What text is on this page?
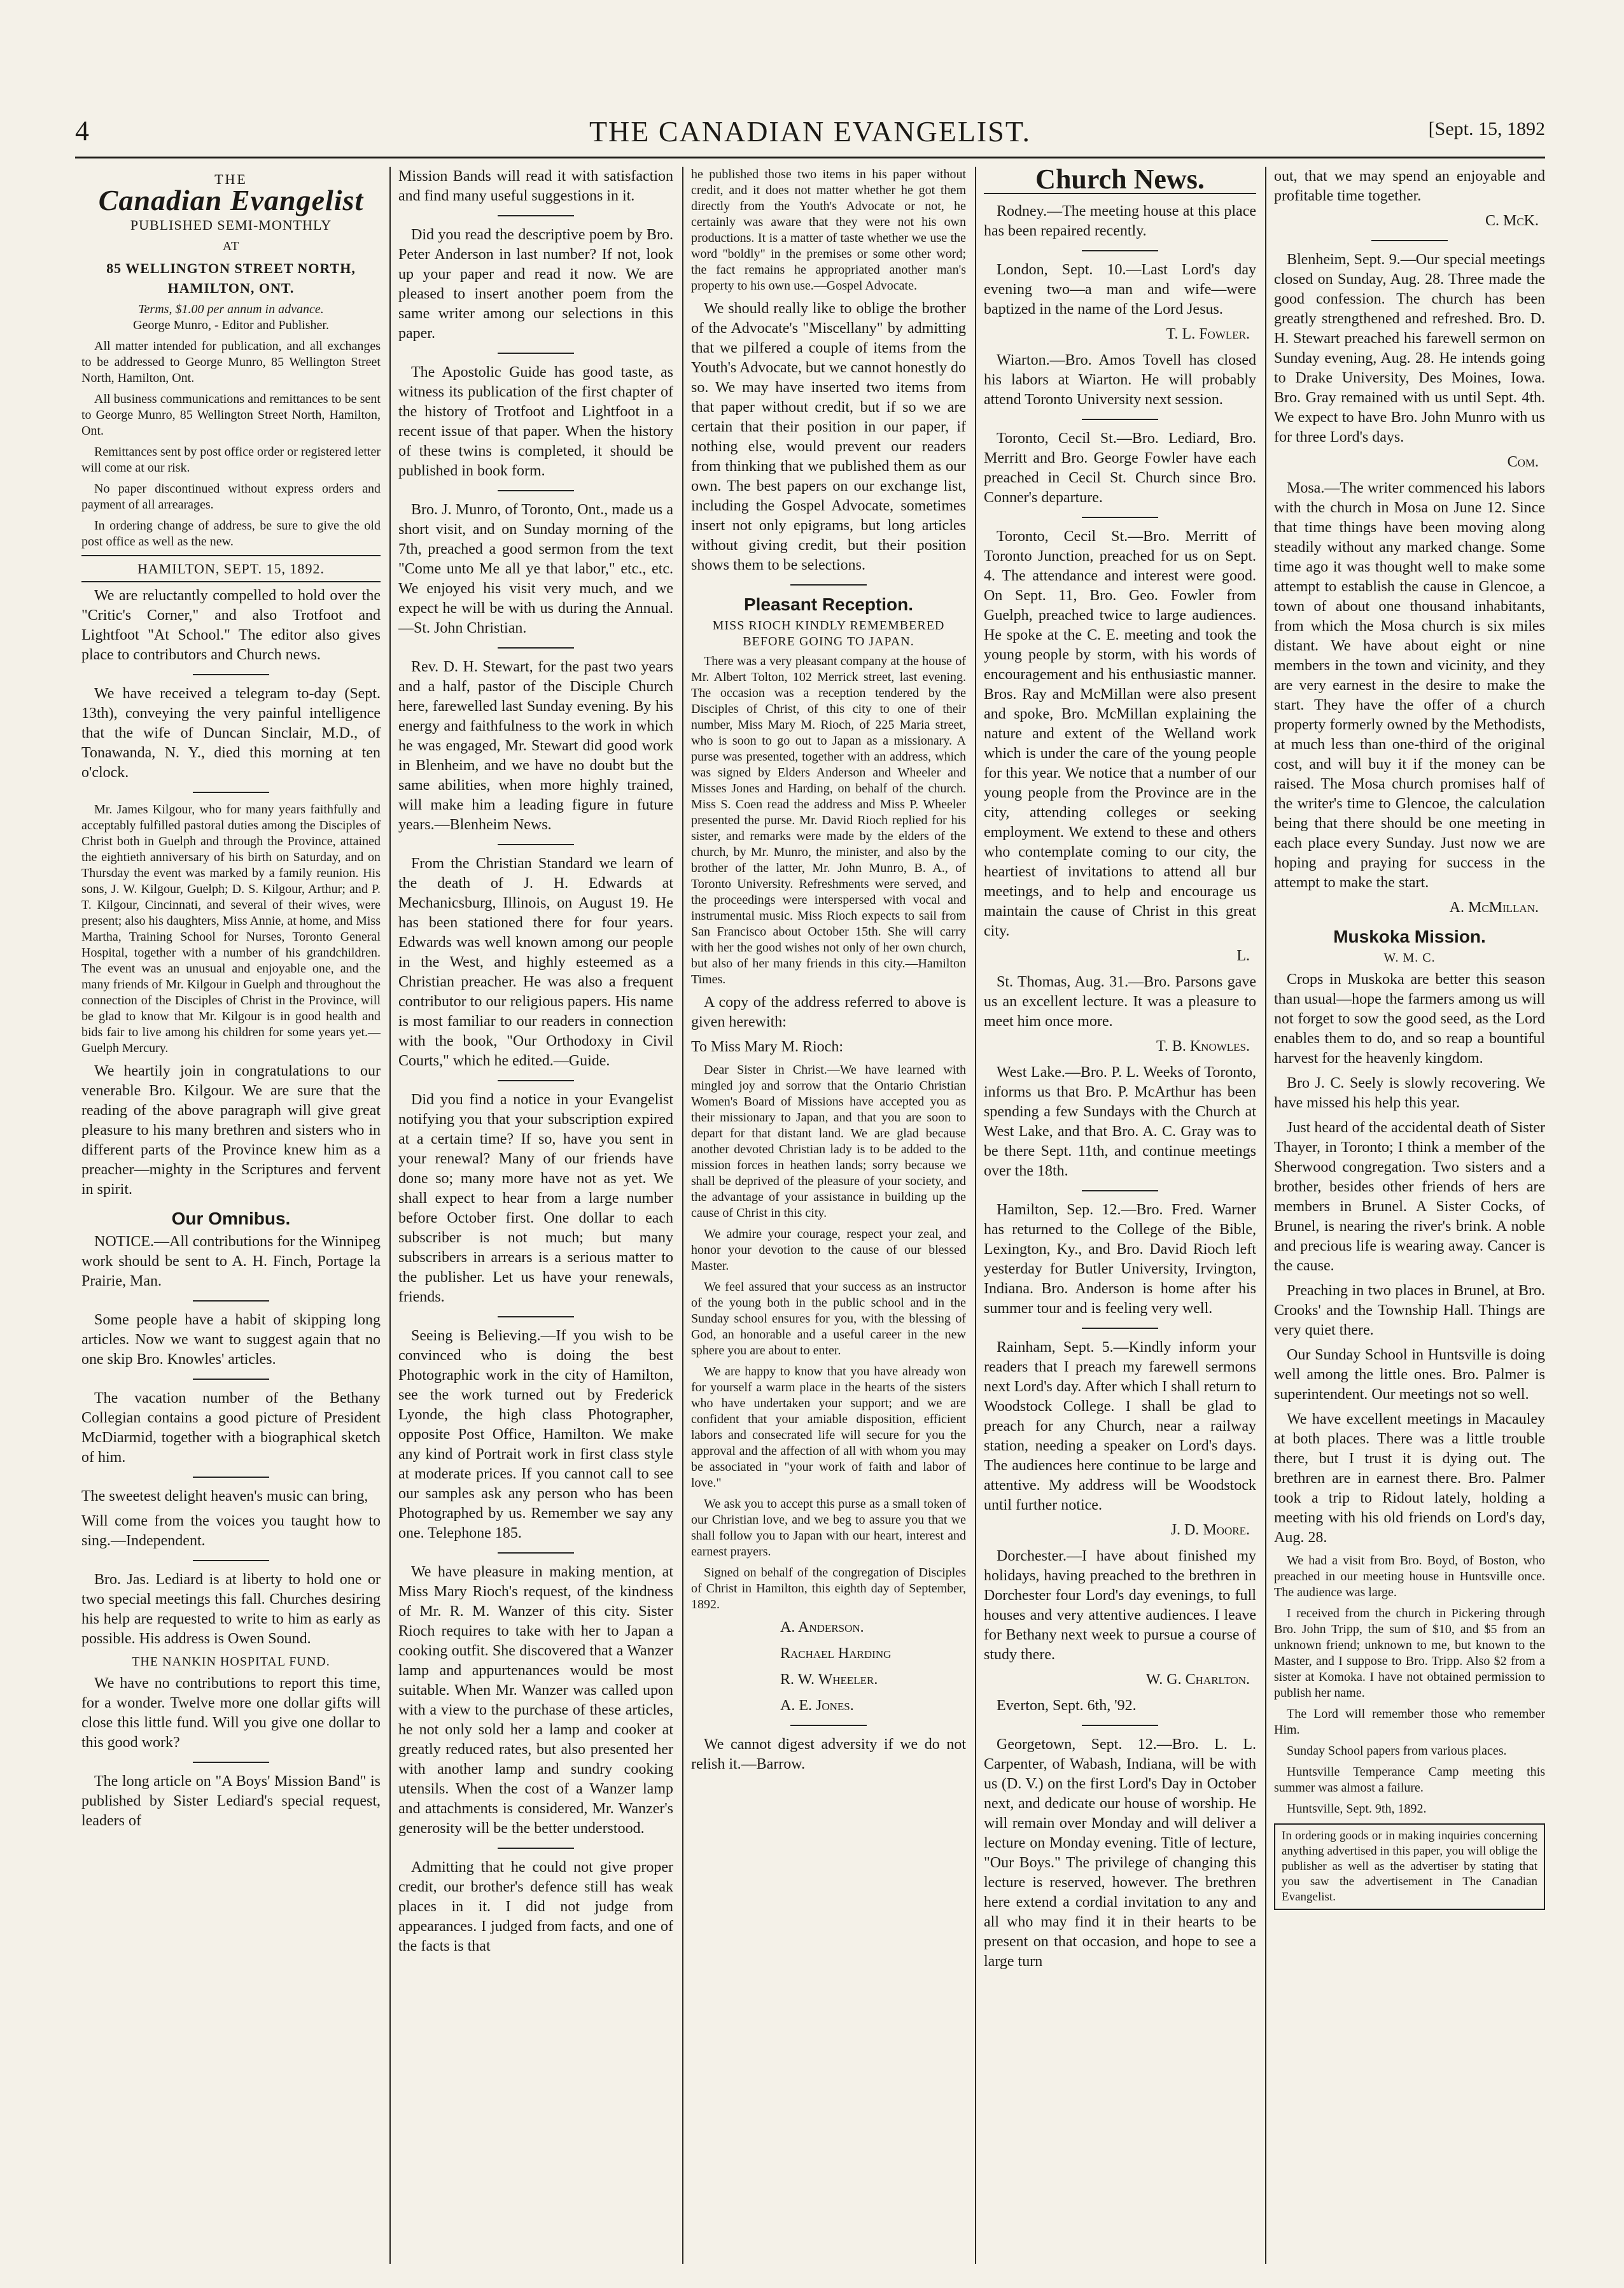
4	THE CANADIAN EVANGELIST.	[Sept. 15, 1892
THE
Canadian Evangelist
PUBLISHED SEMI-MONTHLY
AT
85 WELLINGTON STREET NORTH, HAMILTON, ONT.
Terms, $1.00 per annum in advance.
George Munro, - Editor and Publisher.

All matter intended for publication, and all exchanges to be addressed to George Munro, 85 Wellington Street North, Hamilton, Ont.

All business communications and remittances to be sent to George Munro, 85 Wellington Street North, Hamilton, Ont.

Remittances sent by post office order or registered letter will come at our risk.

No paper discontinued without express orders and payment of all arrearages.

In ordering change of address, be sure to give the old post office as well as the new.

HAMILTON, SEPT. 15, 1892.

We are reluctantly compelled to hold over the "Critic's Corner," and also Trotfoot and Lightfoot "At School." The editor also gives place to contributors and Church news.

We have received a telegram to-day (Sept. 13th), conveying the very painful intelligence that the wife of Duncan Sinclair, M.D., of Tonawanda, N. Y., died this morning at ten o'clock.

Mr. James Kilgour, who for many years faithfully and acceptably fulfilled pastoral duties among the Disciples of Christ both in Guelph and through the Province, attained the eightieth anniversary of his birth on Saturday, and on Thursday the event was marked by a family reunion. His sons, J. W. Kilgour, Guelph; D. S. Kilgour, Arthur; and P. T. Kilgour, Cincinnati, and several of their wives, were present; also his daughters, Miss Annie, at home, and Miss Martha, Training School for Nurses, Toronto General Hospital, together with a number of his grandchildren. The event was an unusual and enjoyable one, and the many friends of Mr. Kilgour in Guelph and throughout the connection of the Disciples of Christ in the Province, will be glad to know that Mr. Kilgour is in good health and bids fair to live among his children for some years yet.—Guelph Mercury.

We heartily join in congratulations to our venerable Bro. Kilgour. We are sure that the reading of the above paragraph will give great pleasure to his many brethren and sisters who in different parts of the Province knew him as a preacher—mighty in the Scriptures and fervent in spirit.

Our Omnibus.

NOTICE.—All contributions for the Winnipeg work should be sent to A. H. Finch, Portage la Prairie, Man.

Some people have a habit of skipping long articles. Now we want to suggest again that no one skip Bro. Knowles' articles.

The vacation number of the Bethany Collegian contains a good picture of President McDiarmid, together with a biographical sketch of him.

The sweetest delight heaven's music can bring,

Will come from the voices you taught how to sing.—Independent.

Bro. Jas. Lediard is at liberty to hold one or two special meetings this fall. Churches desiring his help are requested to write to him as early as possible. His address is Owen Sound.

THE NANKIN HOSPITAL FUND.

We have no contributions to report this time, for a wonder. Twelve more one dollar gifts will close this little fund. Will you give one dollar to this good work?

The long article on "A Boys' Mission Band" is published by Sister Lediard's special request, leaders of

Mission Bands will read it with satisfaction and find many useful suggestions in it.

Did you read the descriptive poem by Bro. Peter Anderson in last number? If not, look up your paper and read it now. We are pleased to insert another poem from the same writer among our selections in this paper.

The Apostolic Guide has good taste, as witness its publication of the first chapter of the history of Trotfoot and Lightfoot in a recent issue of that paper. When the history of these twins is completed, it should be published in book form.

Bro. J. Munro, of Toronto, Ont., made us a short visit, and on Sunday morning of the 7th, preached a good sermon from the text "Come unto Me all ye that labor," etc., etc. We enjoyed his visit very much, and we expect he will be with us during the Annual.—St. John Christian.

Rev. D. H. Stewart, for the past two years and a half, pastor of the Disciple Church here, farewelled last Sunday evening. By his energy and faithfulness to the work in which he was engaged, Mr. Stewart did good work in Blenheim, and we have no doubt but the same abilities, when more highly trained, will make him a leading figure in future years.—Blenheim News.

From the Christian Standard we learn of the death of J. H. Edwards at Mechanicsburg, Illinois, on August 19. He has been stationed there for four years. Edwards was well known among our people in the West, and highly esteemed as a Christian preacher. He was also a frequent contributor to our religious papers. His name is most familiar to our readers in connection with the book, "Our Orthodoxy in Civil Courts," which he edited.—Guide.

Did you find a notice in your Evangelist notifying you that your subscription expired at a certain time? If so, have you sent in your renewal? Many of our friends have done so; many more have not as yet. We shall expect to hear from a large number before October first. One dollar to each subscriber is not much; but many subscribers in arrears is a serious matter to the publisher. Let us have your renewals, friends.

Seeing is Believing.—If you wish to be convinced who is doing the best Photographic work in the city of Hamilton, see the work turned out by Frederick Lyonde, the high class Photographer, opposite Post Office, Hamilton. We make any kind of Portrait work in first class style at moderate prices. If you cannot call to see our samples ask any person who has been Photographed by us. Remember we say any one. Telephone 185.

We have pleasure in making mention, at Miss Mary Rioch's request, of the kindness of Mr. R. M. Wanzer of this city. Sister Rioch requires to take with her to Japan a cooking outfit. She discovered that a Wanzer lamp and appurtenances would be most suitable. When Mr. Wanzer was called upon with a view to the purchase of these articles, he not only sold her a lamp and cooker at greatly reduced rates, but also presented her with another lamp and sundry cooking utensils. When the cost of a Wanzer lamp and attachments is considered, Mr. Wanzer's generosity will be the better understood.

Admitting that he could not give proper credit, our brother's defence still has weak places in it. I did not judge from appearances. I judged from facts, and one of the facts is that

he published those two items in his paper without credit, and it does not matter whether he got them directly from the Youth's Advocate or not, he certainly was aware that they were not his own productions. It is a matter of taste whether we use the word "boldly" in the premises or some other word; the fact remains he appropriated another man's property to his own use.—Gospel Advocate.

We should really like to oblige the brother of the Advocate's "Miscellany" by admitting that we pilfered a couple of items from the Youth's Advocate, but we cannot honestly do so. We may have inserted two items from that paper without credit, but if so we are certain that their position in our paper, if nothing else, would prevent our readers from thinking that we published them as our own. The best papers on our exchange list, including the Gospel Advocate, sometimes insert not only epigrams, but long articles without giving credit, but their position shows them to be selections.

Pleasant Reception.
MISS RIOCH KINDLY REMEMBERED BEFORE GOING TO JAPAN.

There was a very pleasant company at the house of Mr. Albert Tolton, 102 Merrick street, last evening. The occasion was a reception tendered by the Disciples of Christ, of this city to one of their number, Miss Mary M. Rioch, of 225 Maria street, who is soon to go out to Japan as a missionary. A purse was presented, together with an address, which was signed by Elders Anderson and Wheeler and Misses Jones and Harding, on behalf of the church. Miss S. Coen read the address and Miss P. Wheeler presented the purse. Mr. David Rioch replied for his sister, and remarks were made by the elders of the church, by Mr. Munro, the minister, and also by the brother of the latter, Mr. John Munro, B. A., of Toronto University. Refreshments were served, and the proceedings were interspersed with vocal and instrumental music. Miss Rioch expects to sail from San Francisco about October 15th. She will carry with her the good wishes not only of her own church, but also of her many friends in this city.—Hamilton Times.

A copy of the address referred to above is given herewith:

To Miss Mary M. Rioch:

Dear Sister in Christ.—We have learned with mingled joy and sorrow that the Ontario Christian Women's Board of Missions have accepted you as their missionary to Japan, and that you are soon to depart for that distant land. We are glad because another devoted Christian lady is to be added to the mission forces in heathen lands; sorry because we shall be deprived of the pleasure of your society, and the advantage of your assistance in building up the cause of Christ in this city.

We admire your courage, respect your zeal, and honor your devotion to the cause of our blessed Master.

We feel assured that your success as an instructor of the young both in the public school and in the Sunday school ensures for you, with the blessing of God, an honorable and a useful career in the new sphere you are about to enter.

We are happy to know that you have already won for yourself a warm place in the hearts of the sisters who have undertaken your support; and we are confident that your amiable disposition, efficient labors and consecrated life will secure for you the approval and the affection of all with whom you may be associated in "your work of faith and labor of love."

We ask you to accept this purse as a small token of our Christian love, and we beg to assure you that we shall follow you to Japan with our heart, interest and earnest prayers.

Signed on behalf of the congregation of Disciples of Christ in Hamilton, this eighth day of September, 1892.

A. Anderson.
Rachael Harding
R. W. Wheeler.
A. E. Jones.

We cannot digest adversity if we do not relish it.—Barrow.

Church News.

Rodney.—The meeting house at this place has been repaired recently.

London, Sept. 10.—Last Lord's day evening two—a man and wife—were baptized in the name of the Lord Jesus.

T. L. Fowler.

Wiarton.—Bro. Amos Tovell has closed his labors at Wiarton. He will probably attend Toronto University next session.

Toronto, Cecil St.—Bro. Lediard, Bro. Merritt and Bro. George Fowler have each preached in Cecil St. Church since Bro. Conner's departure.

Toronto, Cecil St.—Bro. Merritt of Toronto Junction, preached for us on Sept. 4. The attendance and interest were good. On Sept. 11, Bro. Geo. Fowler from Guelph, preached twice to large audiences. He spoke at the C. E. meeting and took the young people by storm, with his words of encouragement and his enthusiastic manner. Bros. Ray and McMillan were also present and spoke, Bro. McMillan explaining the nature and extent of the Welland work which is under the care of the young people for this year. We notice that a number of our young people from the Province are in the city, attending colleges or seeking employment. We extend to these and others who contemplate coming to our city, the heartiest of invitations to attend all bur meetings, and to help and encourage us maintain the cause of Christ in this great city.

L.

St. Thomas, Aug. 31.—Bro. Parsons gave us an excellent lecture. It was a pleasure to meet him once more.

T. B. Knowles.

West Lake.—Bro. P. L. Weeks of Toronto, informs us that Bro. P. McArthur has been spending a few Sundays with the Church at West Lake, and that Bro. A. C. Gray was to be there Sept. 11th, and continue meetings over the 18th.

Hamilton, Sep. 12.—Bro. Fred. Warner has returned to the College of the Bible, Lexington, Ky., and Bro. David Rioch left yesterday for Butler University, Irvington, Indiana. Bro. Anderson is home after his summer tour and is feeling very well.

Rainham, Sept. 5.—Kindly inform your readers that I preach my farewell sermons next Lord's day. After which I shall return to Woodstock College. I shall be glad to preach for any Church, near a railway station, needing a speaker on Lord's days. The audiences here continue to be large and attentive. My address will be Woodstock until further notice.

J. D. Moore.

Dorchester.—I have about finished my holidays, having preached to the brethren in Dorchester four Lord's day evenings, to full houses and very attentive audiences. I leave for Bethany next week to pursue a course of study there.

W. G. Charlton.

Everton, Sept. 6th, '92.

Georgetown, Sept. 12.—Bro. L. L. Carpenter, of Wabash, Indiana, will be with us (D. V.) on the first Lord's Day in October next, and dedicate our house of worship. He will remain over Monday and will deliver a lecture on Monday evening. Title of lecture, "Our Boys." The privilege of changing this lecture is reserved, however. The brethren here extend a cordial invitation to any and all who may find it in their hearts to be present on that occasion, and hope to see a large turn

out, that we may spend an enjoyable and profitable time together.

C. McK.

Blenheim, Sept. 9.—Our special meetings closed on Sunday, Aug. 28. Three made the good confession. The church has been greatly strengthened and refreshed. Bro. D. H. Stewart preached his farewell sermon on Sunday evening, Aug. 28. He intends going to Drake University, Des Moines, Iowa. Bro. Gray remained with us until Sept. 4th. We expect to have Bro. John Munro with us for three Lord's days.

Com.

Mosa.—The writer commenced his labors with the church in Mosa on June 12. Since that time things have been moving along steadily without any marked change. Some time ago it was thought well to make some attempt to establish the cause in Glencoe, a town of about one thousand inhabitants, from which the Mosa church is six miles distant. We have about eight or nine members in the town and vicinity, and they are very earnest in the desire to make the start. They have the offer of a church property formerly owned by the Methodists, at much less than one-third of the original cost, and will buy it if the money can be raised. The Mosa church promises half of the writer's time to Glencoe, the calculation being that there should be one meeting in each place every Sunday. Just now we are hoping and praying for success in the attempt to make the start.

A. McMillan.
Muskoka Mission.
W. M. C.

Crops in Muskoka are better this season than usual—hope the farmers among us will not forget to sow the good seed, as the Lord enables them to do, and so reap a bountiful harvest for the heavenly kingdom.

Bro J. C. Seely is slowly recovering. We have missed his help this year.

Just heard of the accidental death of Sister Thayer, in Toronto; I think a member of the Sherwood congregation. Two sisters and a brother, besides other friends of hers are members in Brunel. A Sister Cocks, of Brunel, is nearing the river's brink. A noble and precious life is wearing away. Cancer is the cause.

Preaching in two places in Brunel, at Bro. Crooks' and the Township Hall. Things are very quiet there.

Our Sunday School in Huntsville is doing well among the little ones. Bro. Palmer is superintendent. Our meetings not so well.

We have excellent meetings in Macauley at both places. There was a little trouble there, but I trust it is dying out. The brethren are in earnest there. Bro. Palmer took a trip to Ridout lately, holding a meeting with his old friends on Lord's day, Aug. 28.

We had a visit from Bro. Boyd, of Boston, who preached in our meeting house in Huntsville once. The audience was large.

I received from the church in Pickering through Bro. John Tripp, the sum of $10, and $5 from an unknown friend; unknown to me, but known to the Master, and I suppose to Bro. Tripp. Also $2 from a sister at Komoka. I have not obtained permission to publish her name.

The Lord will remember those who remember Him.

Sunday School papers from various places.

Huntsville Temperance Camp meeting this summer was almost a failure.

Huntsville, Sept. 9th, 1892.

In ordering goods or in making inquiries concerning anything advertised in this paper, you will oblige the publisher as well as the advertiser by stating that you saw the advertisement in The Canadian Evangelist.
